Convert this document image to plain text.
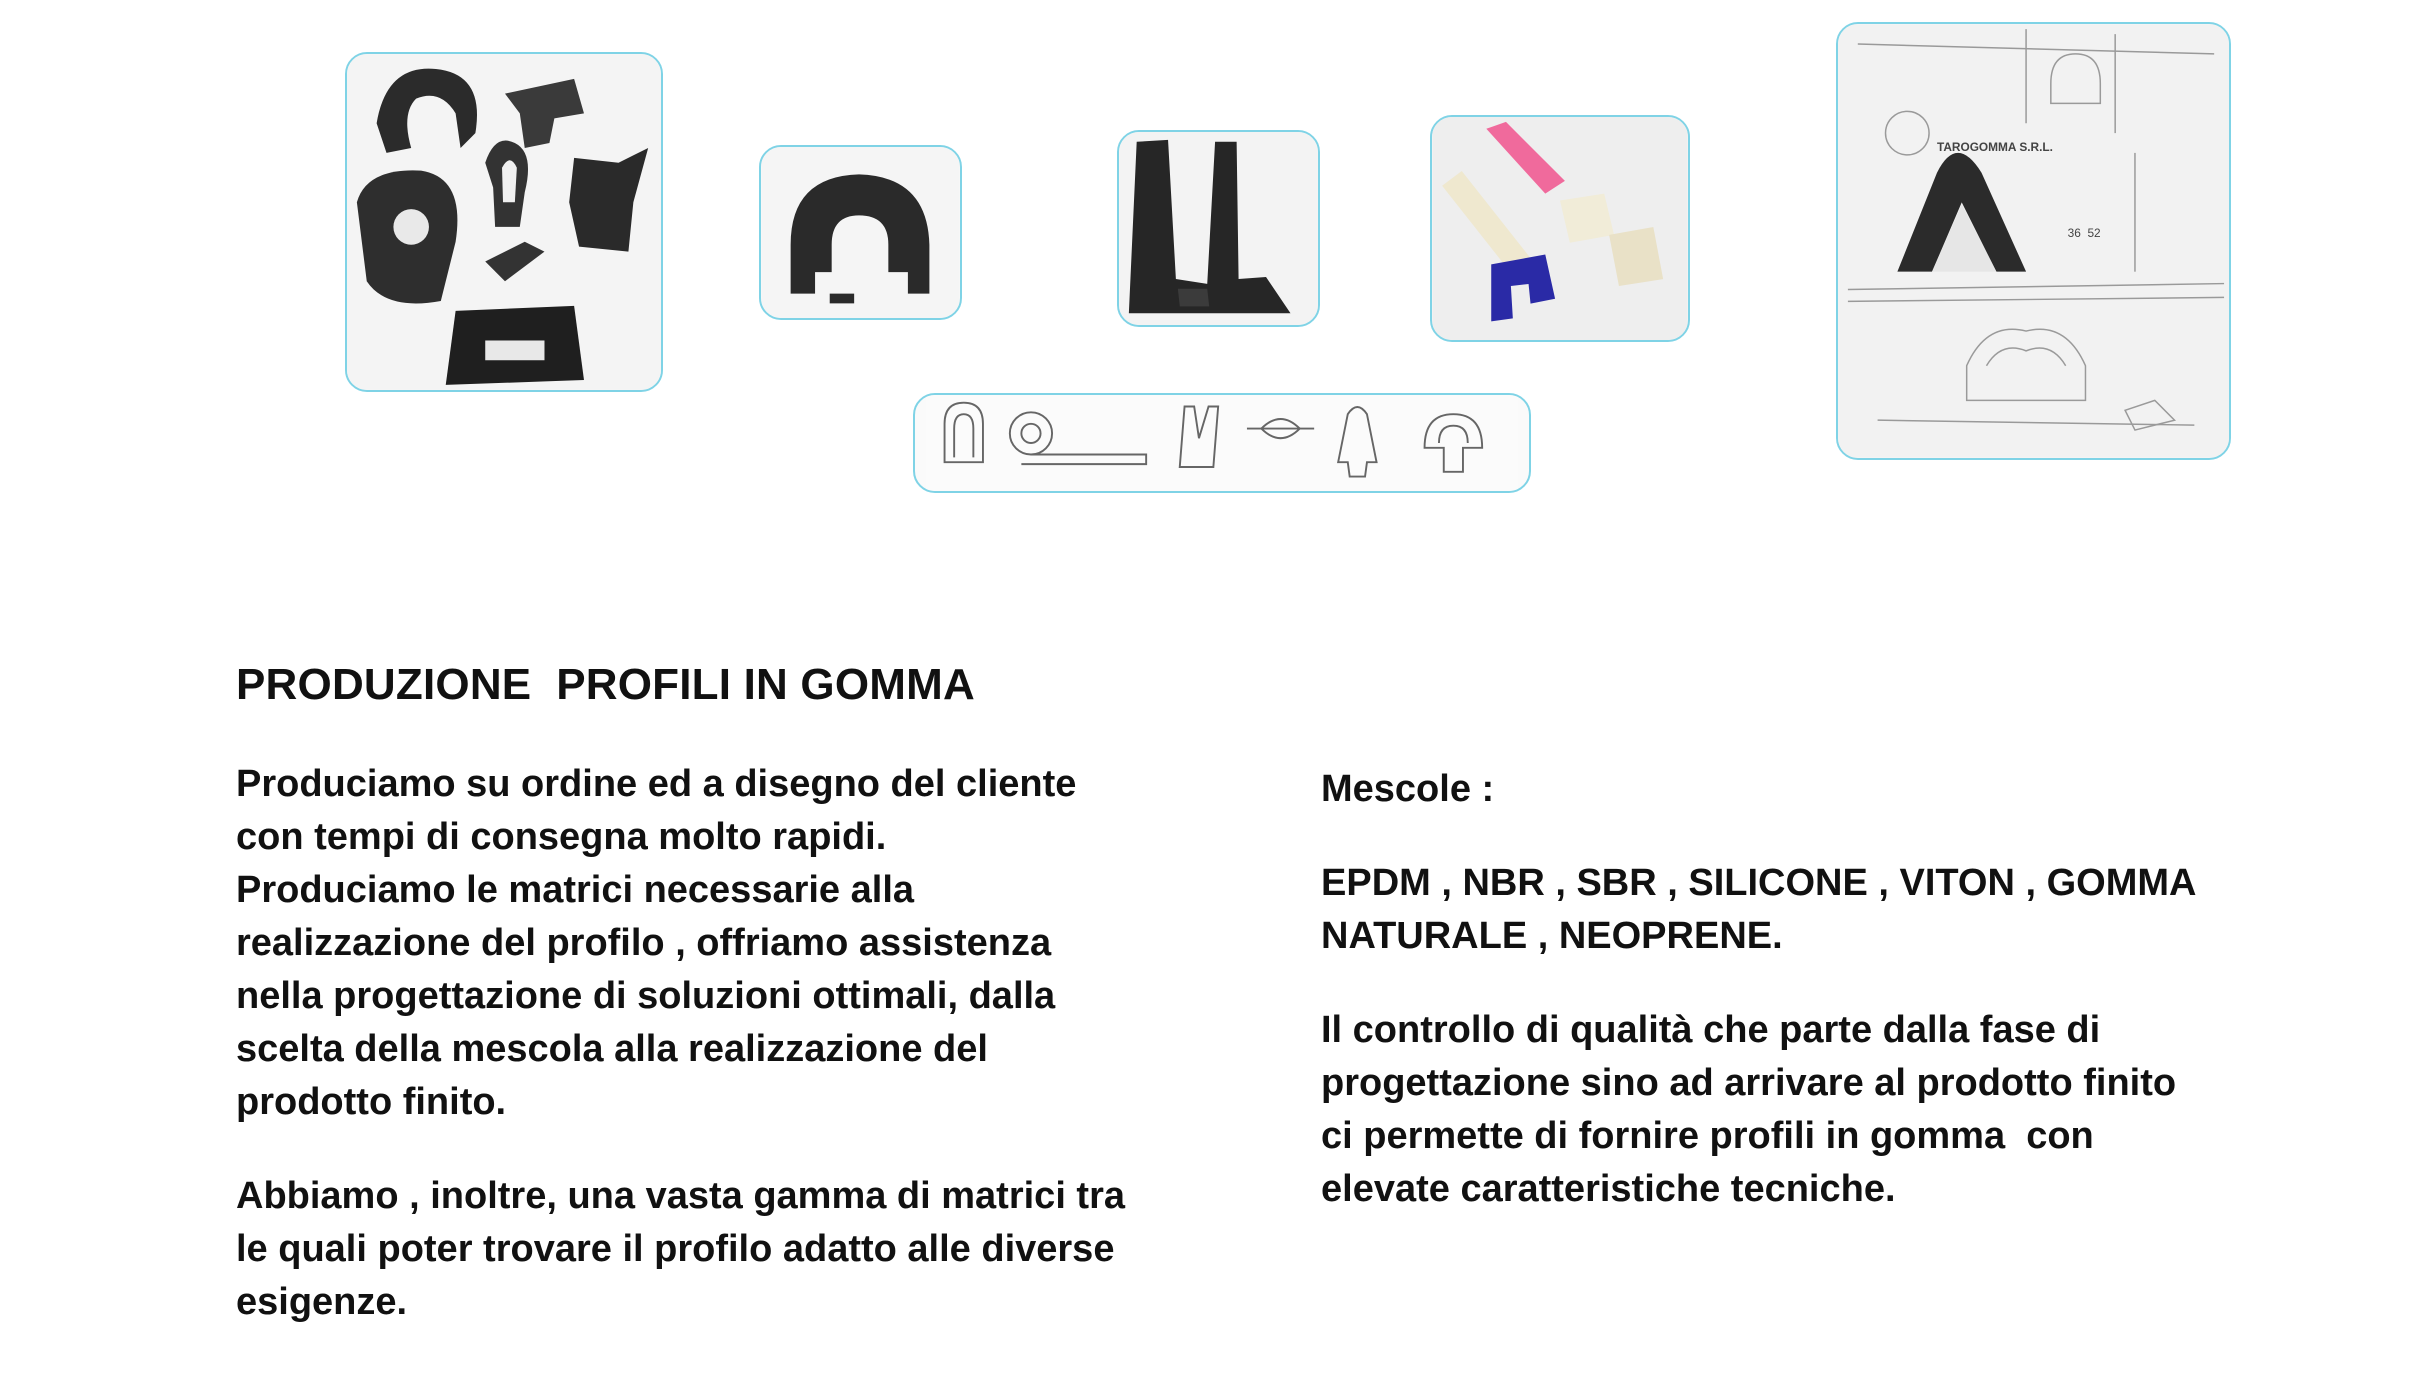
TAROGOMMA S.R.L.
36 52
PRODUZIONE  PROFILI IN GOMMA
Produciamo su ordine ed a disegno del cliente
con tempi di consegna molto rapidi.
Produciamo le matrici necessarie alla
realizzazione del profilo , offriamo assistenza
nella progettazione di soluzioni ottimali, dalla
scelta della mescola alla realizzazione del
prodotto finito.
Abbiamo , inoltre, una vasta gamma di matrici tra
le quali poter trovare il profilo adatto alle diverse
esigenze.
Mescole :
EPDM , NBR , SBR , SILICONE , VITON , GOMMA
NATURALE , NEOPRENE.
Il controllo di qualità che parte dalla fase di
progettazione sino ad arrivare al prodotto finito
ci permette di fornire profili in gomma  con
elevate caratteristiche tecniche.
